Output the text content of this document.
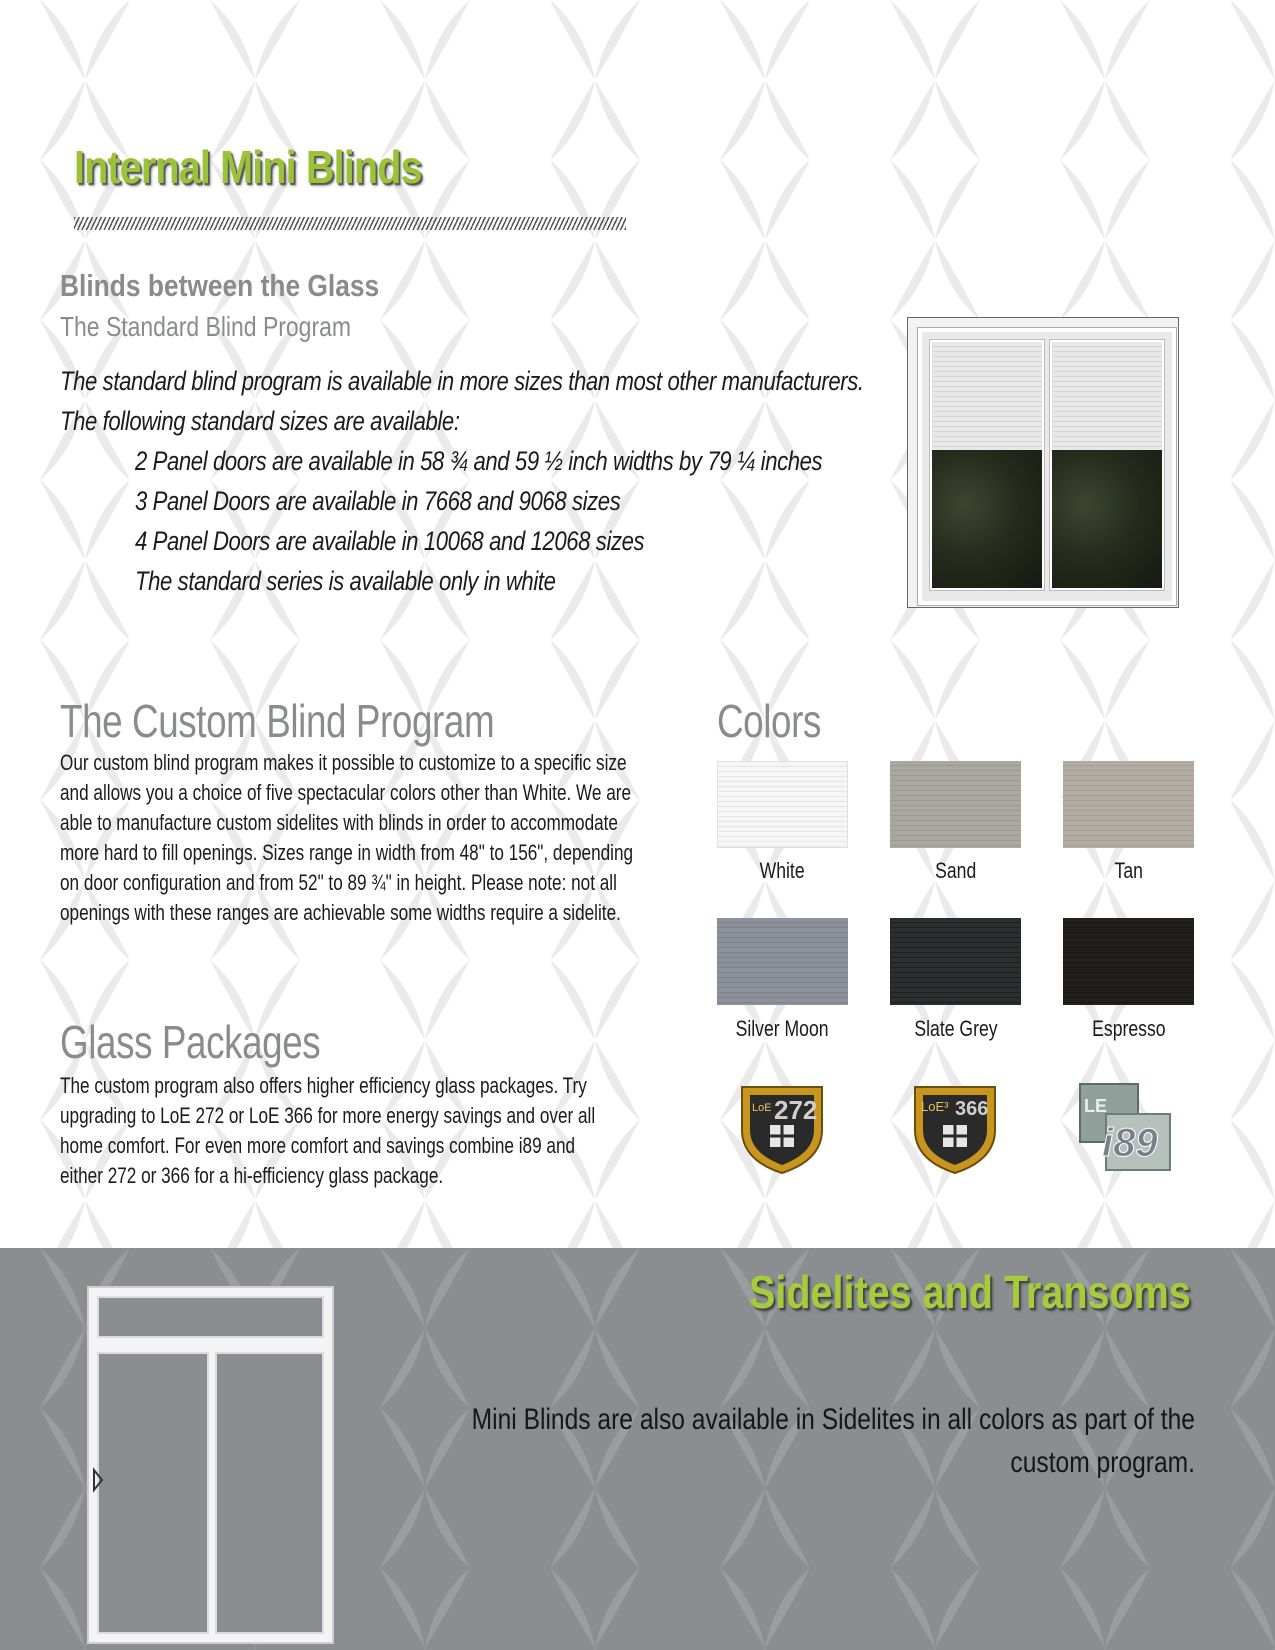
Internal Mini Blinds
Blinds between the Glass
The Standard Blind Program
The standard blind program is available in more sizes than most other manufacturers.
The following standard sizes are available:
2 Panel doors are available in 58 ¾ and 59 ½ inch widths by 79 ¼ inches
3 Panel Doors are available in 7668 and 9068 sizes
4 Panel Doors are available in 10068 and 12068 sizes
The standard series is available only in white
The Custom Blind Program
Our custom blind program makes it possible to customize to a specific size
and allows you a choice of five spectacular colors other than White. We are
able to manufacture custom sidelites with blinds in order to accommodate
more hard to fill openings. Sizes range in width from 48" to 156", depending
on door configuration and from 52" to 89 ¾" in height. Please note: not all
openings with these ranges are achievable some widths require a sidelite.
Glass Packages
The custom program also offers higher efficiency glass packages. Try
upgrading to LoE 272 or LoE 366 for more energy savings and over all
home comfort. For even more comfort and savings combine i89 and
either 272 or 366 for a hi-efficiency glass package.
Colors
White	Sand	Tan
Silver Moon	Slate Grey	Espresso
LoE 272	LoE³ 366	LE
i89
Sidelites and Transoms
Mini Blinds are also available in Sidelites in all colors as part of the custom program.
